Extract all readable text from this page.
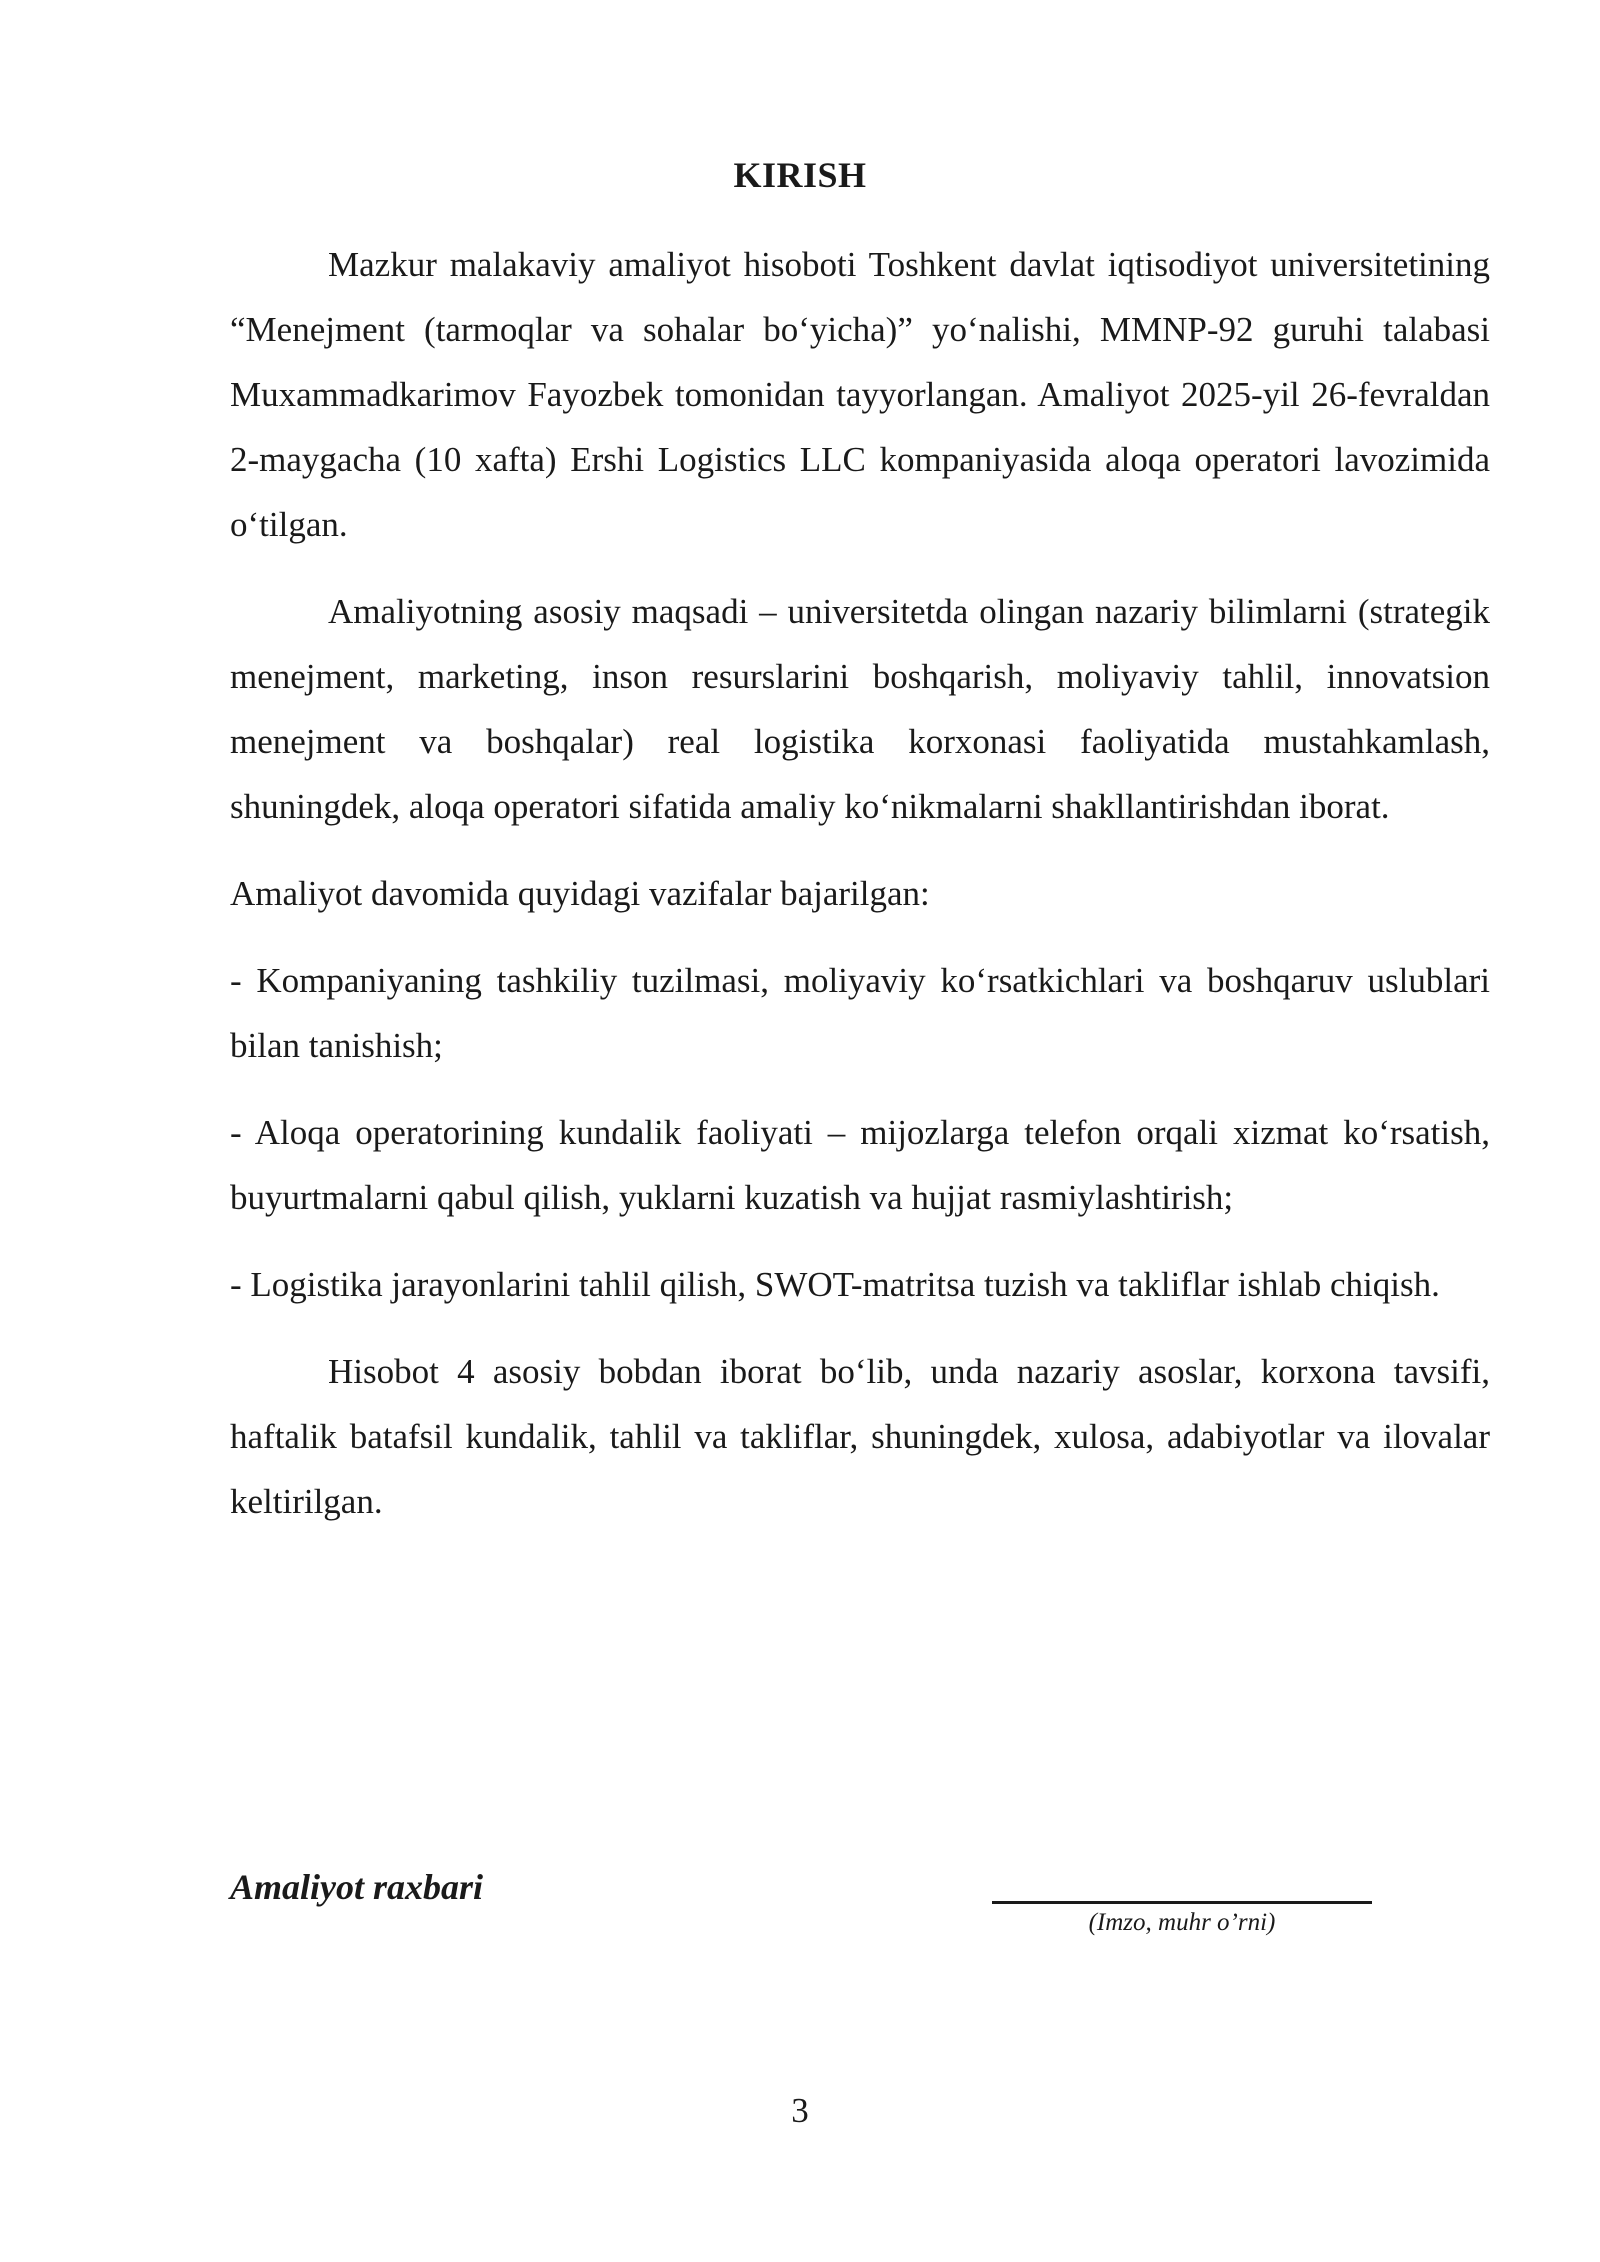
KIRISH

Mazkur malakaviy amaliyot hisoboti Toshkent davlat iqtisodiyot universitetining “Menejment (tarmoqlar va sohalar bo‘yicha)” yo‘nalishi, MMNP-92 guruhi talabasi Muxammadkarimov Fayozbek tomonidan tayyorlangan. Amaliyot 2025-yil 26-fevraldan 2-maygacha (10 xafta) Ershi Logistics LLC kompaniyasida aloqa operatori lavozimida o‘tilgan.

Amaliyotning asosiy maqsadi – universitetda olingan nazariy bilimlarni (strategik menejment, marketing, inson resurslarini boshqarish, moliyaviy tahlil, innovatsion menejment va boshqalar) real logistika korxonasi faoliyatida mustahkamlash, shuningdek, aloqa operatori sifatida amaliy ko‘nikmalarni shakllantirishdan iborat.

Amaliyot davomida quyidagi vazifalar bajarilgan:

- Kompaniyaning tashkiliy tuzilmasi, moliyaviy ko‘rsatkichlari va boshqaruv uslublari bilan tanishish;

- Aloqa operatorining kundalik faoliyati – mijozlarga telefon orqali xizmat ko‘rsatish, buyurtmalarni qabul qilish, yuklarni kuzatish va hujjat rasmiylashtirish;

- Logistika jarayonlarini tahlil qilish, SWOT-matritsa tuzish va takliflar ishlab chiqish.

Hisobot 4 asosiy bobdan iborat bo‘lib, unda nazariy asoslar, korxona tavsifi, haftalik batafsil kundalik, tahlil va takliflar, shuningdek, xulosa, adabiyotlar va ilovalar keltirilgan.

Amaliyot raxbari
(Imzo, muhr o’rni)
3
